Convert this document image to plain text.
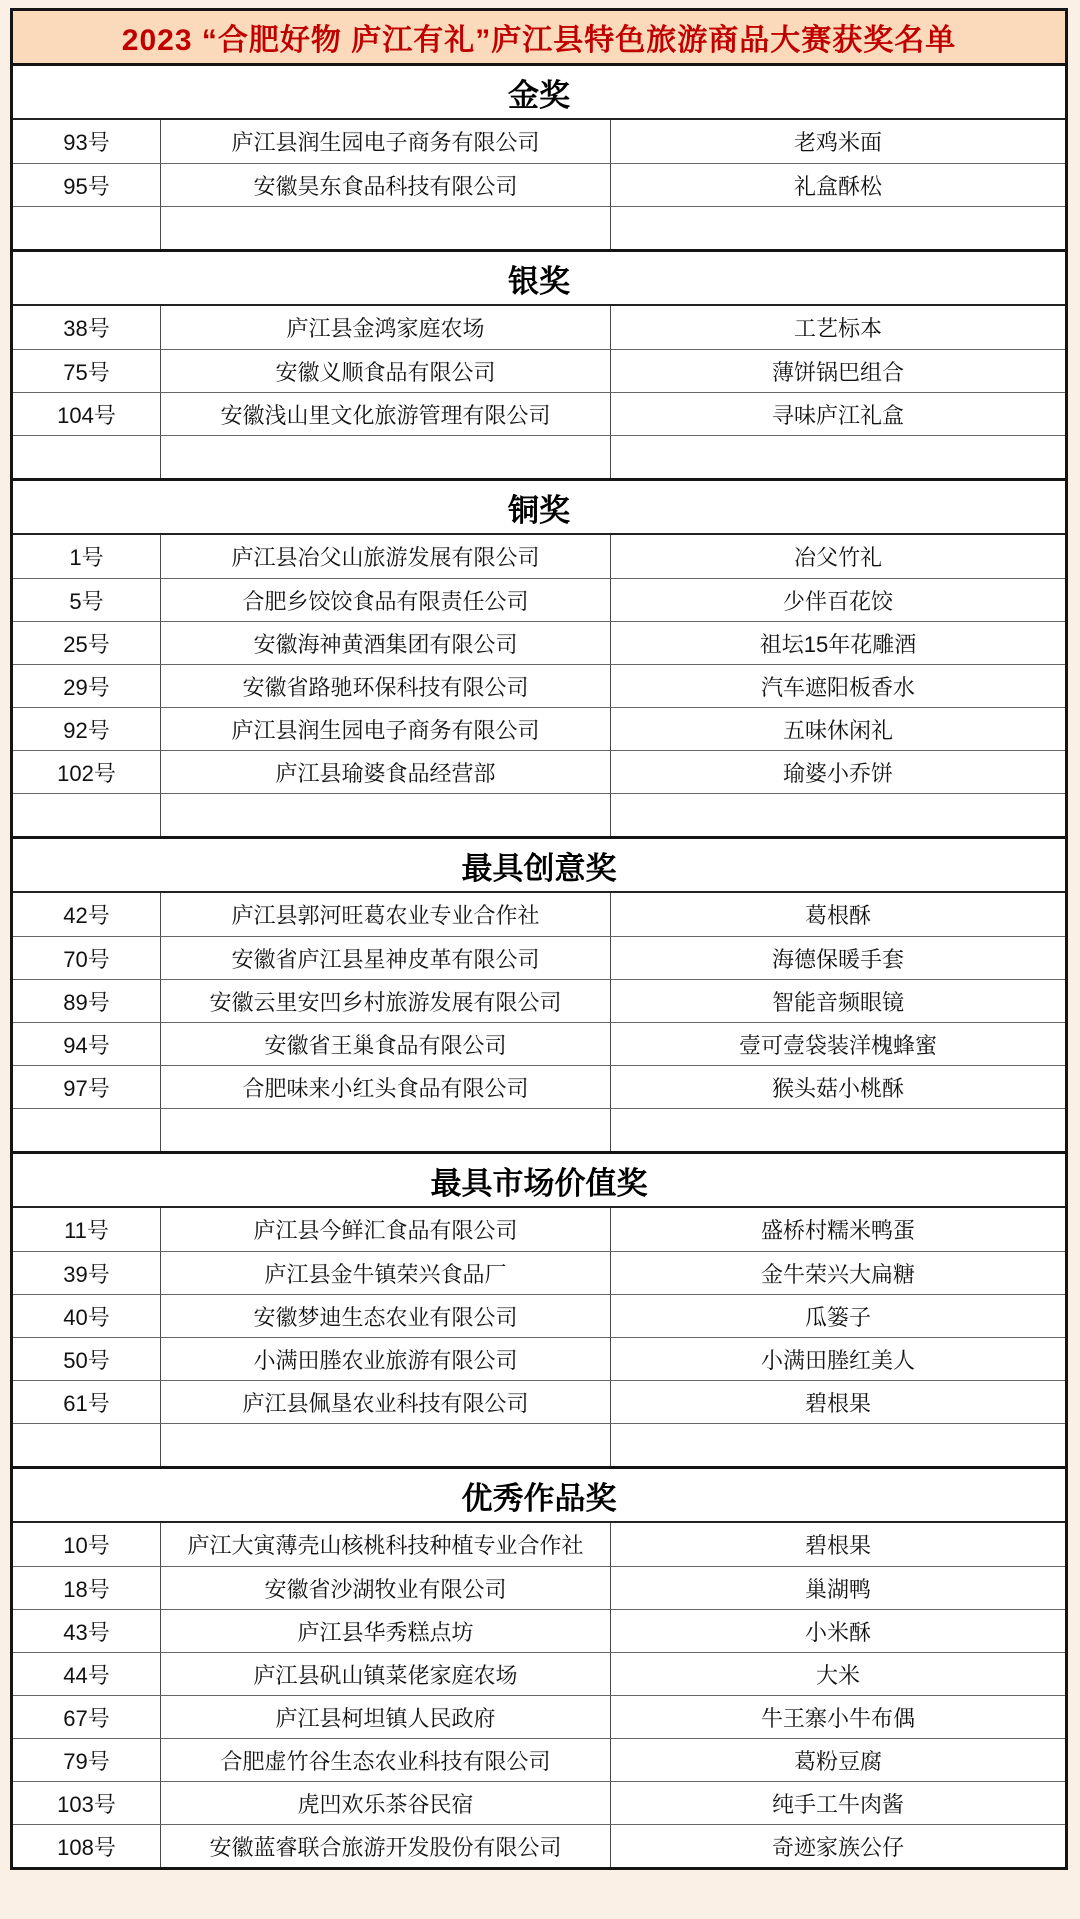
2023 “合肥好物 庐江有礼”庐江县特色旅游商品大赛获奖名单
金奖
93号	庐江县润生园电子商务有限公司	老鸡米面
95号	安徽昊东食品科技有限公司	礼盒酥松
银奖
38号	庐江县金鸿家庭农场	工艺标本
75号	安徽义顺食品有限公司	薄饼锅巴组合
104号	安徽浅山里文化旅游管理有限公司	寻味庐江礼盒
铜奖
1号	庐江县冶父山旅游发展有限公司	冶父竹礼
5号	合肥乡饺饺食品有限责任公司	少伴百花饺
25号	安徽海神黄酒集团有限公司	祖坛15年花雕酒
29号	安徽省路驰环保科技有限公司	汽车遮阳板香水
92号	庐江县润生园电子商务有限公司	五味休闲礼
102号	庐江县瑜婆食品经营部	瑜婆小乔饼
最具创意奖
42号	庐江县郭河旺葛农业专业合作社	葛根酥
70号	安徽省庐江县星神皮革有限公司	海德保暖手套
89号	安徽云里安凹乡村旅游发展有限公司	智能音频眼镜
94号	安徽省王巢食品有限公司	壹可壹袋装洋槐蜂蜜
97号	合肥味来小红头食品有限公司	猴头菇小桃酥
最具市场价值奖
11号	庐江县今鲜汇食品有限公司	盛桥村糯米鸭蛋
39号	庐江县金牛镇荣兴食品厂	金牛荣兴大扁糖
40号	安徽梦迪生态农业有限公司	瓜篓子
50号	小满田塍农业旅游有限公司	小满田塍红美人
61号	庐江县佩垦农业科技有限公司	碧根果
优秀作品奖
10号	庐江大寅薄壳山核桃科技种植专业合作社	碧根果
18号	安徽省沙湖牧业有限公司	巢湖鸭
43号	庐江县华秀糕点坊	小米酥
44号	庐江县矾山镇菜佬家庭农场	大米
67号	庐江县柯坦镇人民政府	牛王寨小牛布偶
79号	合肥虚竹谷生态农业科技有限公司	葛粉豆腐
103号	虎凹欢乐茶谷民宿	纯手工牛肉酱
108号	安徽蓝睿联合旅游开发股份有限公司	奇迹家族公仔
